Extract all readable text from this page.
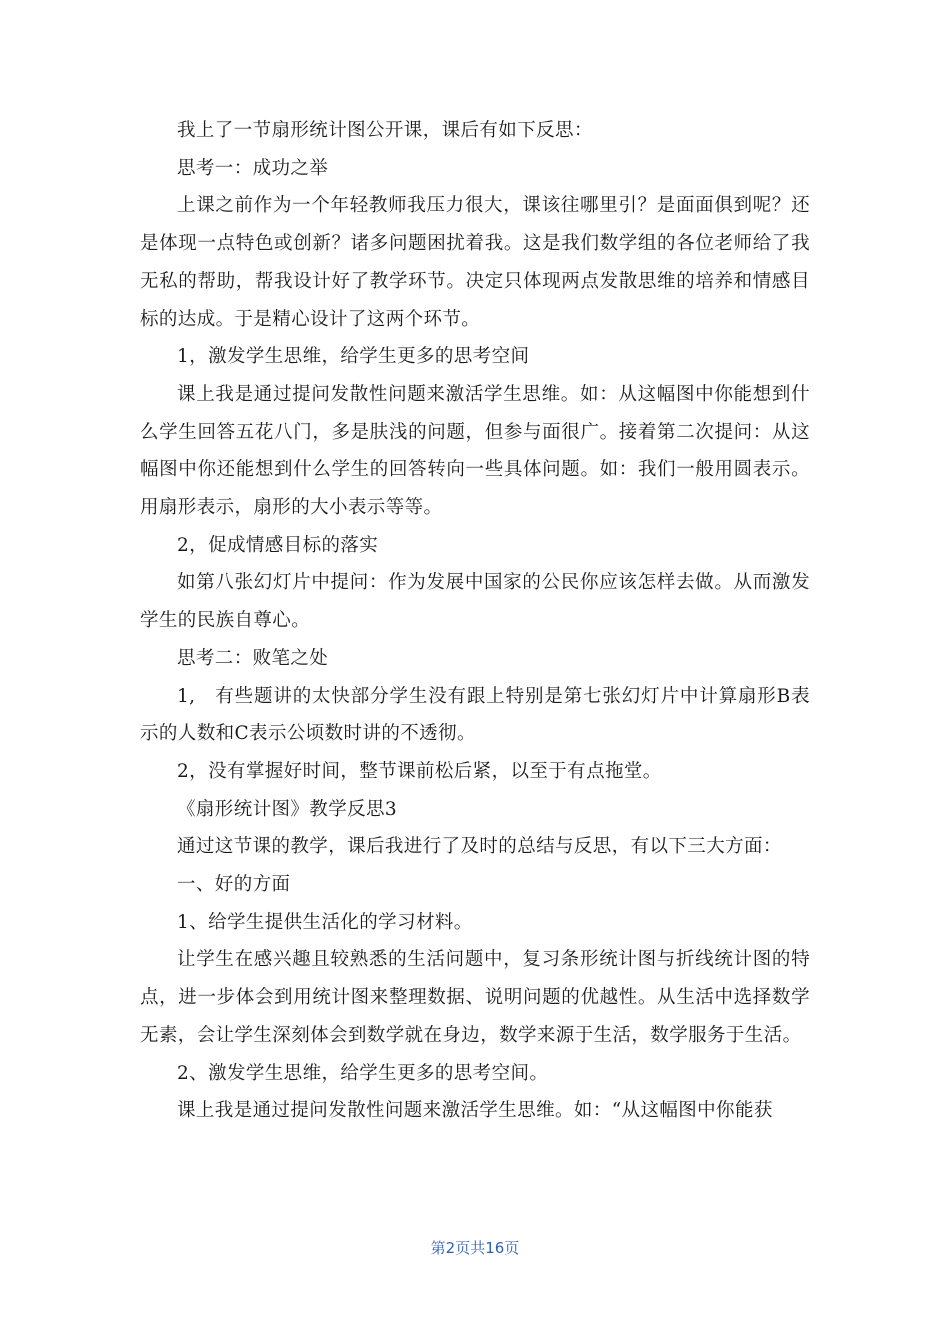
我上了一节扇形统计图公开课，课后有如下反思：

思考一：成功之举

上课之前作为一个年轻教师我压力很大，课该往哪里引？是面面俱到呢？还是体现一点特色或创新？诸多问题困扰着我。这是我们数学组的各位老师给了我无私的帮助，帮我设计好了教学环节。决定只体现两点发散思维的培养和情感目标的达成。于是精心设计了这两个环节。

1，激发学生思维，给学生更多的思考空间

课上我是通过提问发散性问题来激活学生思维。如：从这幅图中你能想到什么学生回答五花八门，多是肤浅的问题，但参与面很广。接着第二次提问：从这幅图中你还能想到什么学生的回答转向一些具体问题。如：我们一般用圆表示。用扇形表示，扇形的大小表示等等。

2，促成情感目标的落实

如第八张幻灯片中提问：作为发展中国家的公民你应该怎样去做。从而激发学生的民族自尊心。

思考二：败笔之处

1,　有些题讲的太快部分学生没有跟上特别是第七张幻灯片中计算扇形B表示的人数和C表示公顷数时讲的不透彻。

2，没有掌握好时间，整节课前松后紧，以至于有点拖堂。

《扇形统计图》教学反思3

通过这节课的教学，课后我进行了及时的总结与反思，有以下三大方面：

一、好的方面

1、给学生提供生活化的学习材料。

让学生在感兴趣且较熟悉的生活问题中，复习条形统计图与折线统计图的特点，进一步体会到用统计图来整理数据、说明问题的优越性。从生活中选择数学无素，会让学生深刻体会到数学就在身边，数学来源于生活，数学服务于生活。

2、激发学生思维，给学生更多的思考空间。

课上我是通过提问发散性问题来激活学生思维。如：“从这幅图中你能获

第2页共16页
